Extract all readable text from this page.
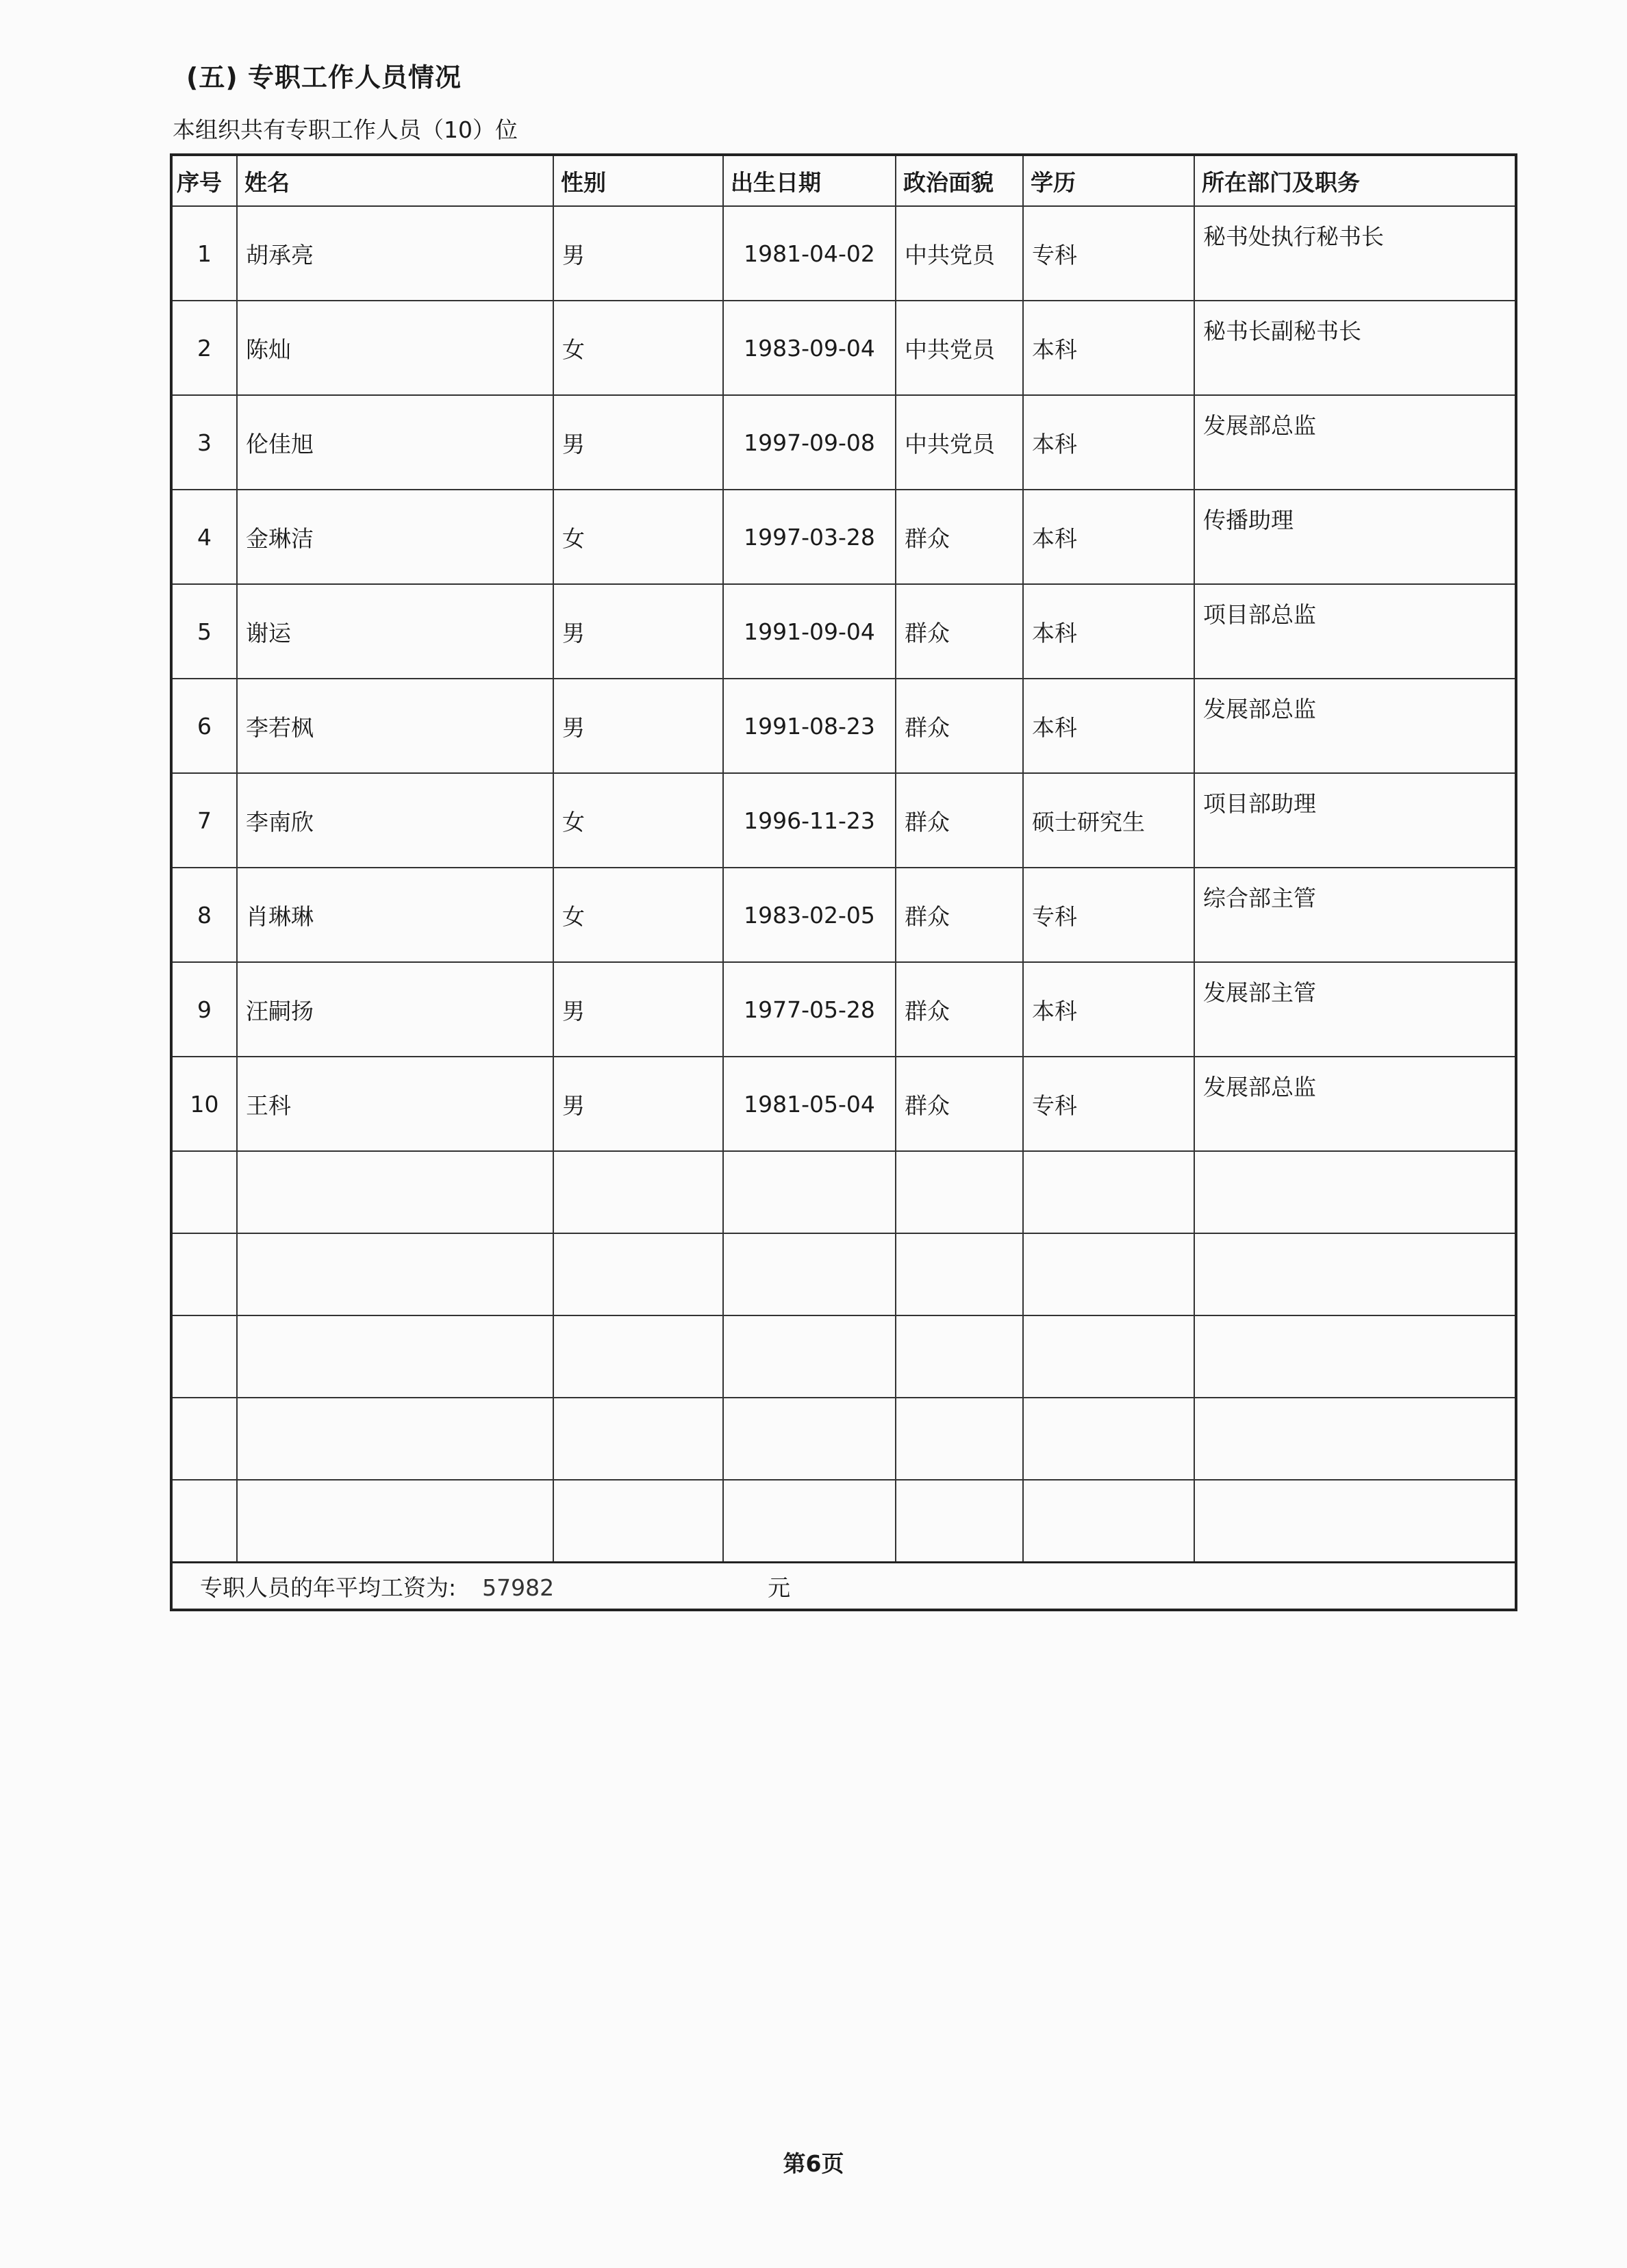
(五) 专职工作人员情况
本组织共有专职工作人员（10）位
序号	姓名	性别	出生日期	政治面貌	学历	所在部门及职务
1	胡承亮	男	1981-04-02	中共党员	专科	秘书处执行秘书长
2	陈灿	女	1983-09-04	中共党员	本科	秘书长副秘书长
3	伦佳旭	男	1997-09-08	中共党员	本科	发展部总监
4	金琳洁	女	1997-03-28	群众	本科	传播助理
5	谢运	男	1991-09-04	群众	本科	项目部总监
6	李若枫	男	1991-08-23	群众	本科	发展部总监
7	李南欣	女	1996-11-23	群众	硕士研究生	项目部助理
8	肖琳琳	女	1983-02-05	群众	专科	综合部主管
9	汪嗣扬	男	1977-05-28	群众	本科	发展部主管
10	王科	男	1981-05-04	群众	专科	发展部总监

专职人员的年平均工资为: 57982 元						
第6页
